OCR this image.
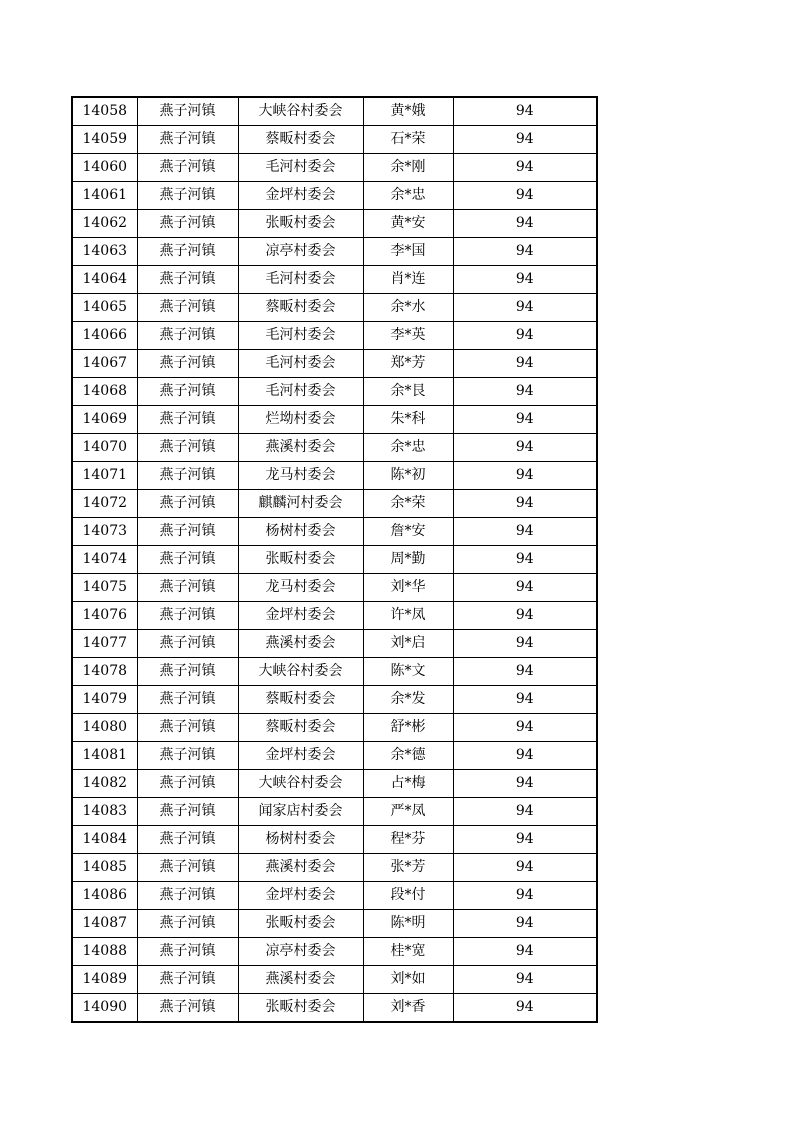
14058	燕子河镇	大峡谷村委会	黄*娥	94
14059	燕子河镇	蔡畈村委会	石*荣	94
14060	燕子河镇	毛河村委会	余*刚	94
14061	燕子河镇	金坪村委会	余*忠	94
14062	燕子河镇	张畈村委会	黄*安	94
14063	燕子河镇	凉亭村委会	李*国	94
14064	燕子河镇	毛河村委会	肖*连	94
14065	燕子河镇	蔡畈村委会	余*水	94
14066	燕子河镇	毛河村委会	李*英	94
14067	燕子河镇	毛河村委会	郑*芳	94
14068	燕子河镇	毛河村委会	余*艮	94
14069	燕子河镇	烂坳村委会	朱*科	94
14070	燕子河镇	燕溪村委会	余*忠	94
14071	燕子河镇	龙马村委会	陈*初	94
14072	燕子河镇	麒麟河村委会	余*荣	94
14073	燕子河镇	杨树村委会	詹*安	94
14074	燕子河镇	张畈村委会	周*勤	94
14075	燕子河镇	龙马村委会	刘*华	94
14076	燕子河镇	金坪村委会	许*凤	94
14077	燕子河镇	燕溪村委会	刘*启	94
14078	燕子河镇	大峡谷村委会	陈*文	94
14079	燕子河镇	蔡畈村委会	余*发	94
14080	燕子河镇	蔡畈村委会	舒*彬	94
14081	燕子河镇	金坪村委会	余*德	94
14082	燕子河镇	大峡谷村委会	占*梅	94
14083	燕子河镇	闻家店村委会	严*凤	94
14084	燕子河镇	杨树村委会	程*芬	94
14085	燕子河镇	燕溪村委会	张*芳	94
14086	燕子河镇	金坪村委会	段*付	94
14087	燕子河镇	张畈村委会	陈*明	94
14088	燕子河镇	凉亭村委会	桂*宽	94
14089	燕子河镇	燕溪村委会	刘*如	94
14090	燕子河镇	张畈村委会	刘*香	94
